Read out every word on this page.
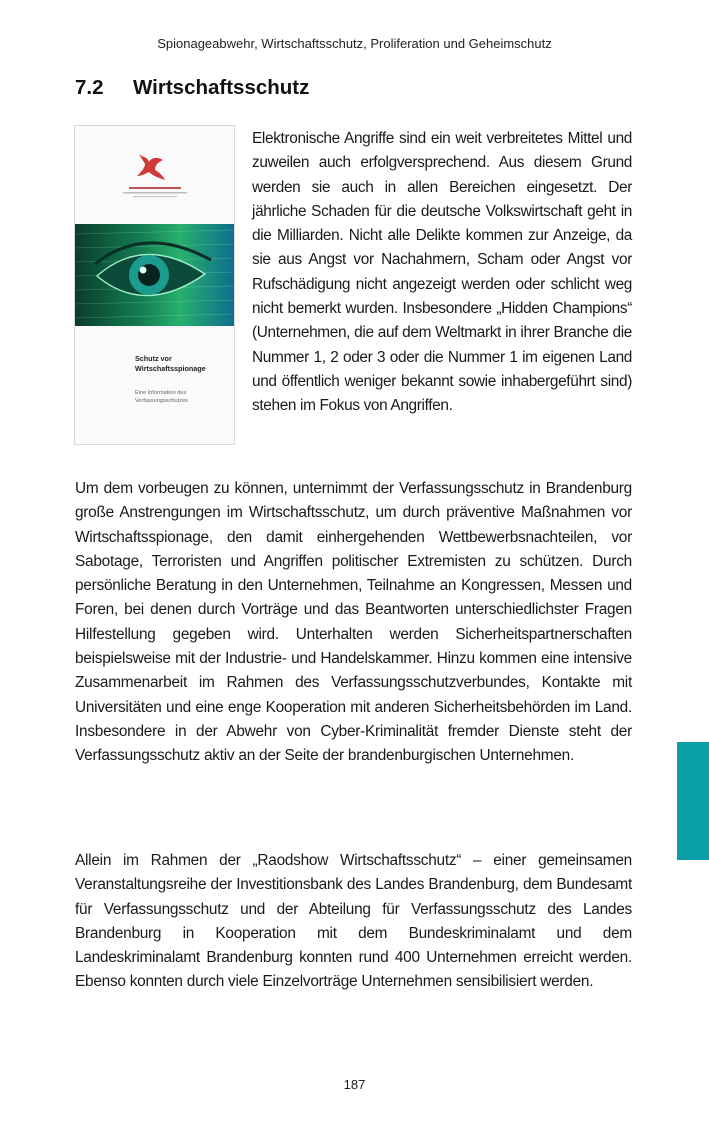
Spionageabwehr, Wirtschaftsschutz, Proliferation und Geheimschutz
7.2	Wirtschaftsschutz
Schutz vor Wirtschaftsspionage
Eine Information des Verfassungsschutzes

Elektronische Angriffe sind ein weit verbreitetes Mittel und zuweilen auch erfolgversprechend. Aus diesem Grund werden sie auch in allen Bereichen eingesetzt. Der jährliche Schaden für die deutsche Volkswirtschaft geht in die Milliarden. Nicht alle Delikte kommen zur Anzeige, da sie aus Angst vor Nachahmern, Scham oder Angst vor Rufschädigung nicht angezeigt werden oder schlicht weg nicht bemerkt wurden. Insbesondere „Hidden Champions“ (Unternehmen, die auf dem Weltmarkt in ihrer Branche die Nummer 1, 2 oder 3 oder die Nummer 1 im eigenen Land und öffentlich weniger bekannt sowie inhabergeführt sind) stehen im Fokus von Angriffen.

Um dem vorbeugen zu können, unternimmt der Verfassungsschutz in Brandenburg große Anstrengungen im Wirtschaftsschutz, um durch präventive Maßnahmen vor Wirtschaftsspionage, den damit einhergehenden Wettbewerbsnachteilen, vor Sabotage, Terroristen und Angriffen politischer Extremisten zu schützen. Durch persönliche Beratung in den Unternehmen, Teilnahme an Kongressen, Messen und Foren, bei denen durch Vorträge und das Beantworten unterschiedlichster Fragen Hilfestellung gegeben wird. Unterhalten werden Sicherheitspartnerschaften beispielsweise mit der Industrie- und Handelskammer. Hinzu kommen eine intensive Zusammenarbeit im Rahmen des Verfassungsschutzverbundes, Kontakte mit Universitäten und eine enge Kooperation mit anderen Sicherheitsbehörden im Land. Insbesondere in der Abwehr von Cyber-Kriminalität fremder Dienste steht der Verfassungsschutz aktiv an der Seite der brandenburgischen Unternehmen.

Allein im Rahmen der „Raodshow Wirtschaftsschutz“ – einer gemeinsamen Veranstaltungsreihe der Investitionsbank des Landes Brandenburg, dem Bundesamt für Verfassungsschutz und der Abteilung für Verfassungsschutz des Landes Brandenburg in Kooperation mit dem Bundeskriminalamt und dem Landeskriminalamt Brandenburg konnten rund 400 Unternehmen erreicht werden. Ebenso konnten durch viele Einzelvorträge Unternehmen sensibilisiert werden.

187
